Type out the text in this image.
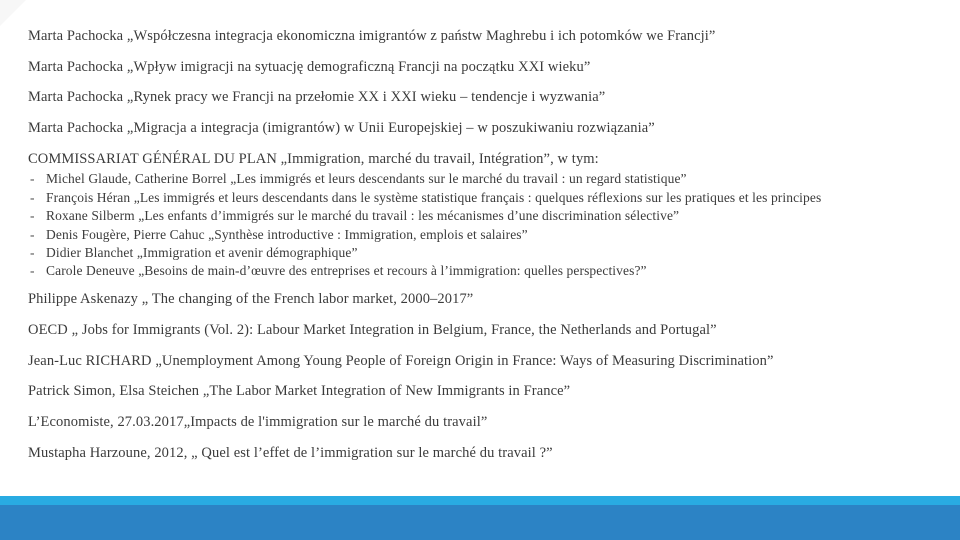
Marta Pachocka „Współczesna integracja ekonomiczna imigrantów z państw Maghrebu i ich potomków we Francji”

Marta Pachocka „Wpływ imigracji na sytuację demograficzną Francji na początku XXI wieku”

Marta Pachocka „Rynek pracy we Francji na przełomie XX i XXI wieku – tendencje i wyzwania”

Marta Pachocka „Migracja a integracja (imigrantów) w Unii Europejskiej – w poszukiwaniu rozwiązania”

COMMISSARIAT GÉNÉRAL DU PLAN „Immigration, marché du travail, Intégration”, w tym:

- Michel Glaude, Catherine Borrel „Les immigrés et leurs descendants sur le marché du travail : un regard statistique”
- François Héran „Les immigrés et leurs descendants dans le système statistique français : quelques réflexions sur les pratiques et les principes
- Roxane Silberm „Les enfants d’immigrés sur le marché du travail : les mécanismes d’une discrimination sélective”
- Denis Fougère, Pierre Cahuc „Synthèse introductive : Immigration, emplois et salaires”
- Didier Blanchet „Immigration et avenir démographique”
- Carole Deneuve „Besoins de main-d’œuvre des entreprises et recours à l’immigration: quelles perspectives?”

Philippe Askenazy „ The changing of the French labor market, 2000–2017”

OECD „ Jobs for Immigrants (Vol. 2): Labour Market Integration in Belgium, France, the Netherlands and Portugal”

Jean-Luc RICHARD „Unemployment Among Young People of Foreign Origin in France: Ways of Measuring Discrimination”

Patrick Simon, Elsa Steichen „The Labor Market Integration of New Immigrants in France”

L’Economiste, 27.03.2017„Impacts de l'immigration sur le marché du travail”

Mustapha Harzoune, 2012, „ Quel est l’effet de l’immigration sur le marché du travail ?”
